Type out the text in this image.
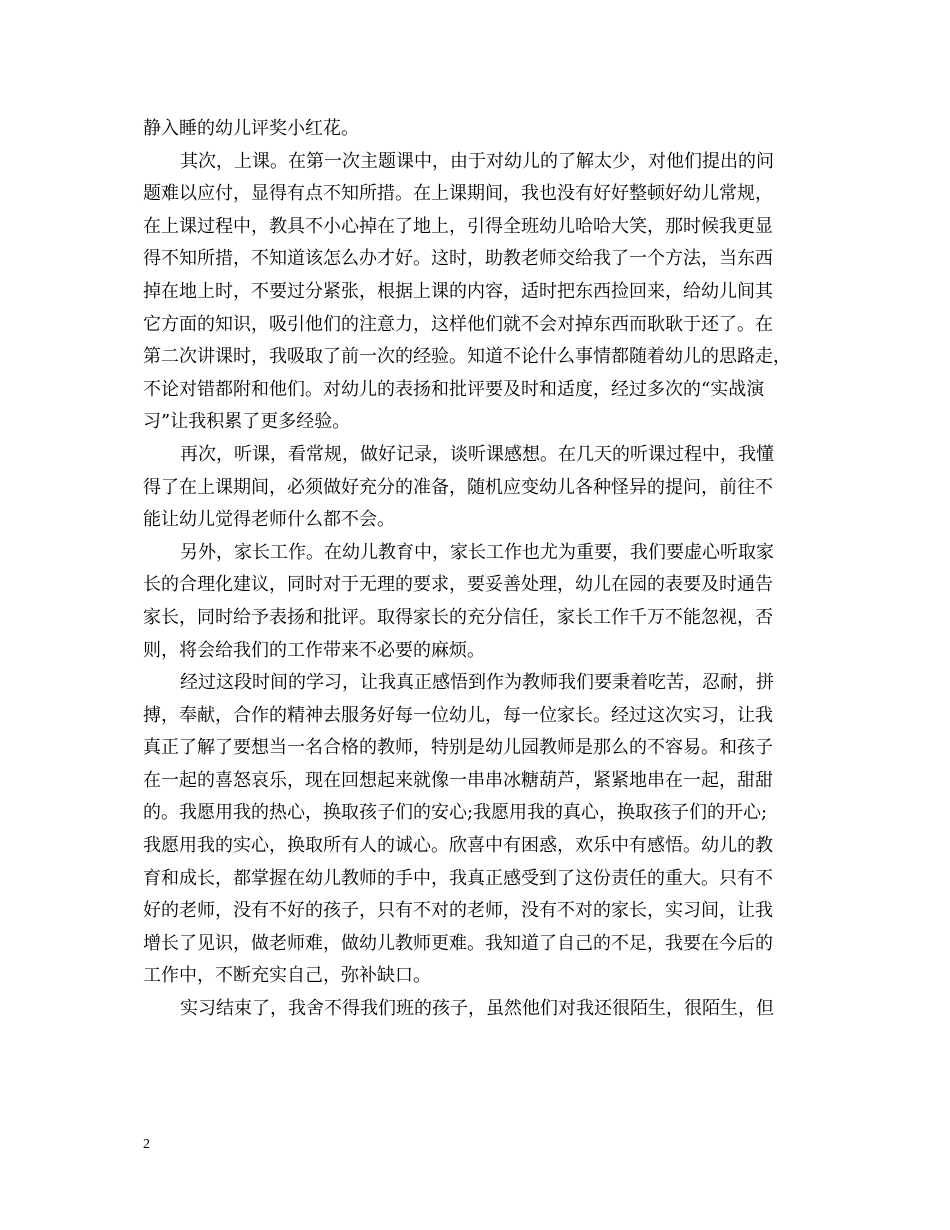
静入睡的幼儿评奖小红花。
其次，上课。在第一次主题课中，由于对幼儿的了解太少，对他们提出的问
题难以应付，显得有点不知所措。在上课期间，我也没有好好整顿好幼儿常规，
在上课过程中，教具不小心掉在了地上，引得全班幼儿哈哈大笑，那时候我更显
得不知所措，不知道该怎么办才好。这时，助教老师交给我了一个方法，当东西
掉在地上时，不要过分紧张，根据上课的内容，适时把东西捡回来，给幼儿间其
它方面的知识，吸引他们的注意力，这样他们就不会对掉东西而耿耿于还了。在
第二次讲课时，我吸取了前一次的经验。知道不论什么事情都随着幼儿的思路走，
不论对错都附和他们。对幼儿的表扬和批评要及时和适度，经过多次的“实战演
习”让我积累了更多经验。
再次，听课，看常规，做好记录，谈听课感想。在几天的听课过程中，我懂
得了在上课期间，必须做好充分的准备，随机应变幼儿各种怪异的提问，前往不
能让幼儿觉得老师什么都不会。
另外，家长工作。在幼儿教育中，家长工作也尤为重要，我们要虚心听取家
长的合理化建议，同时对于无理的要求，要妥善处理，幼儿在园的表要及时通告
家长，同时给予表扬和批评。取得家长的充分信任，家长工作千万不能忽视，否
则，将会给我们的工作带来不必要的麻烦。
经过这段时间的学习，让我真正感悟到作为教师我们要秉着吃苦，忍耐，拼
搏，奉献，合作的精神去服务好每一位幼儿，每一位家长。经过这次实习，让我
真正了解了要想当一名合格的教师，特别是幼儿园教师是那么的不容易。和孩子
在一起的喜怒哀乐，现在回想起来就像一串串冰糖葫芦，紧紧地串在一起，甜甜
的。我愿用我的热心，换取孩子们的安心;我愿用我的真心，换取孩子们的开心;
我愿用我的实心，换取所有人的诚心。欣喜中有困惑，欢乐中有感悟。幼儿的教
育和成长，都掌握在幼儿教师的手中，我真正感受到了这份责任的重大。只有不
好的老师，没有不好的孩子，只有不对的老师，没有不对的家长，实习间，让我
增长了见识，做老师难，做幼儿教师更难。我知道了自己的不足，我要在今后的
工作中，不断充实自己，弥补缺口。
实习结束了，我舍不得我们班的孩子，虽然他们对我还很陌生，很陌生，但
2
